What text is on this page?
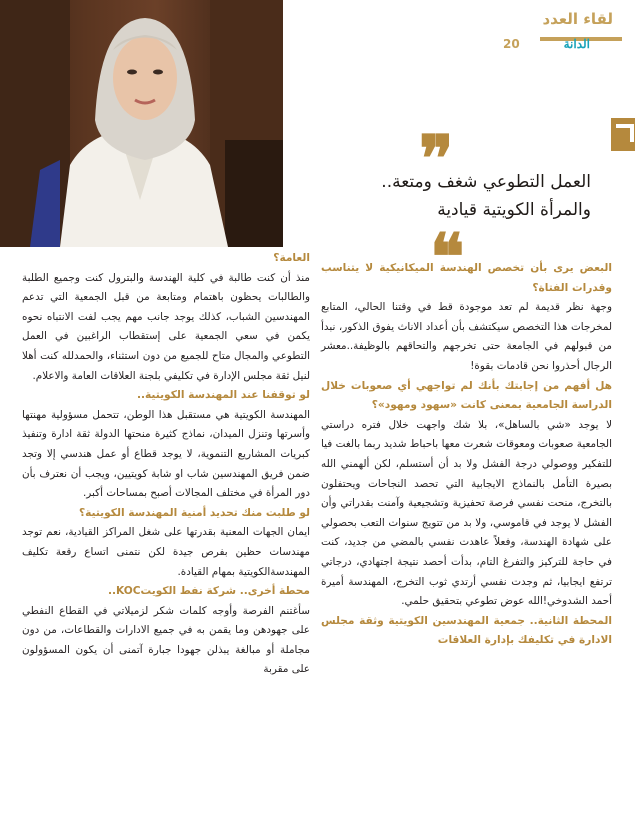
لقاء العدد
الدانة
20
❞
العمل التطوعي شغف ومتعة..
والمرأة الكويتية قيادية
❝
البعض يرى بأن تخصص الهندسة الميكانيكية لا يتناسب وقدرات الفتاة؟
وجهة نظر قديمة لم تعد موجودة قط في وقتنا الحالي، المتابع لمخرجات هذا التخصص سيكتشف بأن أعداد الاناث يفوق الذكور، نبدأ من قبولهم في الجامعة حتى تخرجهم والتحاقهم بالوظيفة..معشر الرجال أحذروا نحن قادمات بقوة!
هل أفهم من إجابتك بأنك لم تواجهي أي صعوبات خلال الدراسة الجامعية بمعنى كانت «سهود ومهود»؟
لا يوجد «شي بالساهل»، بلا شك واجهت خلال فتره دراستي الجامعية صعوبات ومعوقات شعرت معها باحباط شديد ربما بالغت فيا للتفكير ووصولي درجة الفشل ولا بد أن أستسلم، لكن ألهمني الله بصيرة التأمل بالنماذج الايجابية التي تحصد النجاحات ويحتفلون بالتخرج، منحت نفسي فرصة تحفيزية وتشجيعية وآمنت بقدراتي وأن الفشل لا يوجد في قاموسي، ولا بد من تتويج سنوات التعب بحصولي على شهادة الهندسة، وفعلاً عاهدت نفسي بالمضي من جديد، كنت في حاجة للتركيز والتفرغ التام، بدأت أحصد نتيجة اجتهادي، درجاتي ترتفع ايجابيا، ثم وجدت نفسي أرتدي ثوب التخرج، المهندسة أميرة أحمد الشدوخي!الله عوض تطوعي بتحقيق حلمي.
المحطة الثانية.. جمعية المهندسين الكويتية وثقة مجلس الادارة في تكليفك بإدارة العلاقات
العامة؟
منذ أن كنت طالبة في كلية الهندسة والبترول كنت وجميع الطلبة والطالبات يحظون باهتمام ومتابعة من قبل الجمعية التي تدعم المهندسين الشباب، كذلك يوجد جانب مهم يجب لفت الانتباه نحوه يكمن في سعي الجمعية على إستقطاب الراغبين في العمل التطوعي والمجال متاح للجميع من دون استثناء، والحمدلله كنت أهلا لنيل ثقة مجلس الإدارة في تكليفي بلجنة العلاقات العامة والاعلام.
لو توقفنا عند المهندسة الكويتية..
المهندسة الكويتية هي مستقبل هذا الوطن، تتحمل مسؤولية مهنتها وأسرتها وتنزل الميدان، نماذج كثيرة منحتها الدولة ثقة ادارة وتنفيذ كبريات المشاريع التنموية، لا يوجد قطاع أو عمل هندسي إلا وتجد ضمن فريق المهندسين شاب او شابة كويتيين، ويجب أن نعترف بأن دور المرأة في مختلف المجالات أصبح بمساحات أكبر.
لو طلبت منك تحديد أمنية المهندسة الكويتية؟
ايمان الجهات المعنية بقدرتها على شغل المراكز القيادية، نعم توجد مهندسات حظين بفرص جيدة لكن نتمنى اتساع رقعة تكليف المهندسةالكويتية بمهام القيادة.
محطة أخرى.. شركة نفط الكويتKOC..
سأغتنم الفرصة وأوجه كلمات شكر لزميلاتي في القطاع النفطي على جهودهن وما يقمن به في جميع الادارات والقطاعات، من دون مجاملة أو مبالغة يبذلن جهودا جبارة آتمنى أن يكون المسؤولون على مقربة
